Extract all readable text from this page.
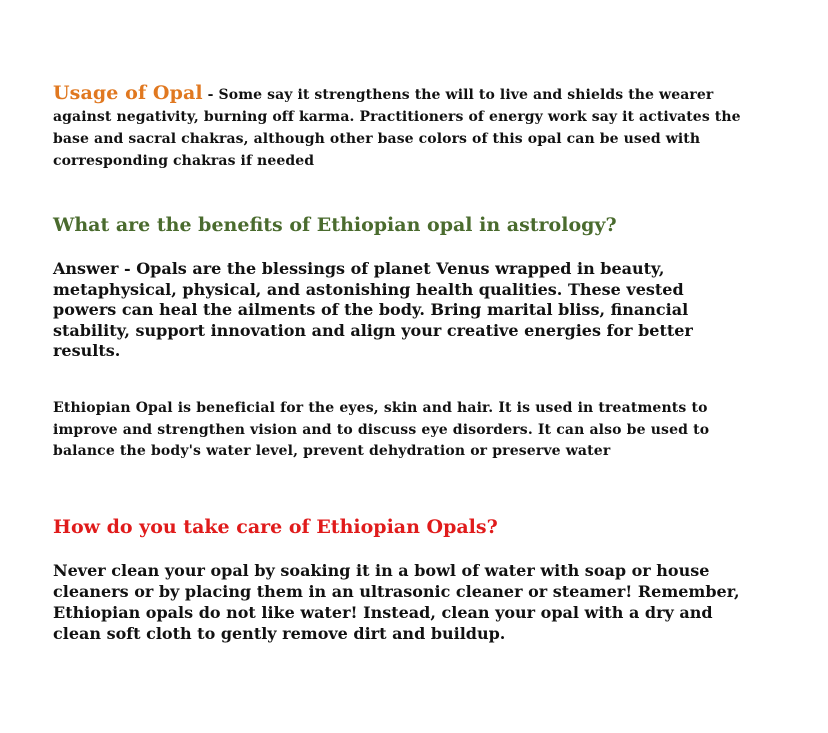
Usage of Opal - Some say it strengthens the will to live and shields the wearer against negativity, burning off karma. Practitioners of energy work say it activates the base and sacral chakras, although other base colors of this opal can be used with corresponding chakras if needed

What are the benefits of Ethiopian opal in astrology?

Answer - Opals are the blessings of planet Venus wrapped in beauty, metaphysical, physical, and astonishing health qualities. These vested powers can heal the ailments of the body. Bring marital bliss, financial stability, support innovation and align your creative energies for better results.

Ethiopian Opal is beneficial for the eyes, skin and hair. It is used in treatments to improve and strengthen vision and to discuss eye disorders. It can also be used to balance the body's water level, prevent dehydration or preserve water

How do you take care of Ethiopian Opals?

Never clean your opal by soaking it in a bowl of water with soap or house cleaners or by placing them in an ultrasonic cleaner or steamer! Remember, Ethiopian opals do not like water! Instead, clean your opal with a dry and clean soft cloth to gently remove dirt and buildup.
